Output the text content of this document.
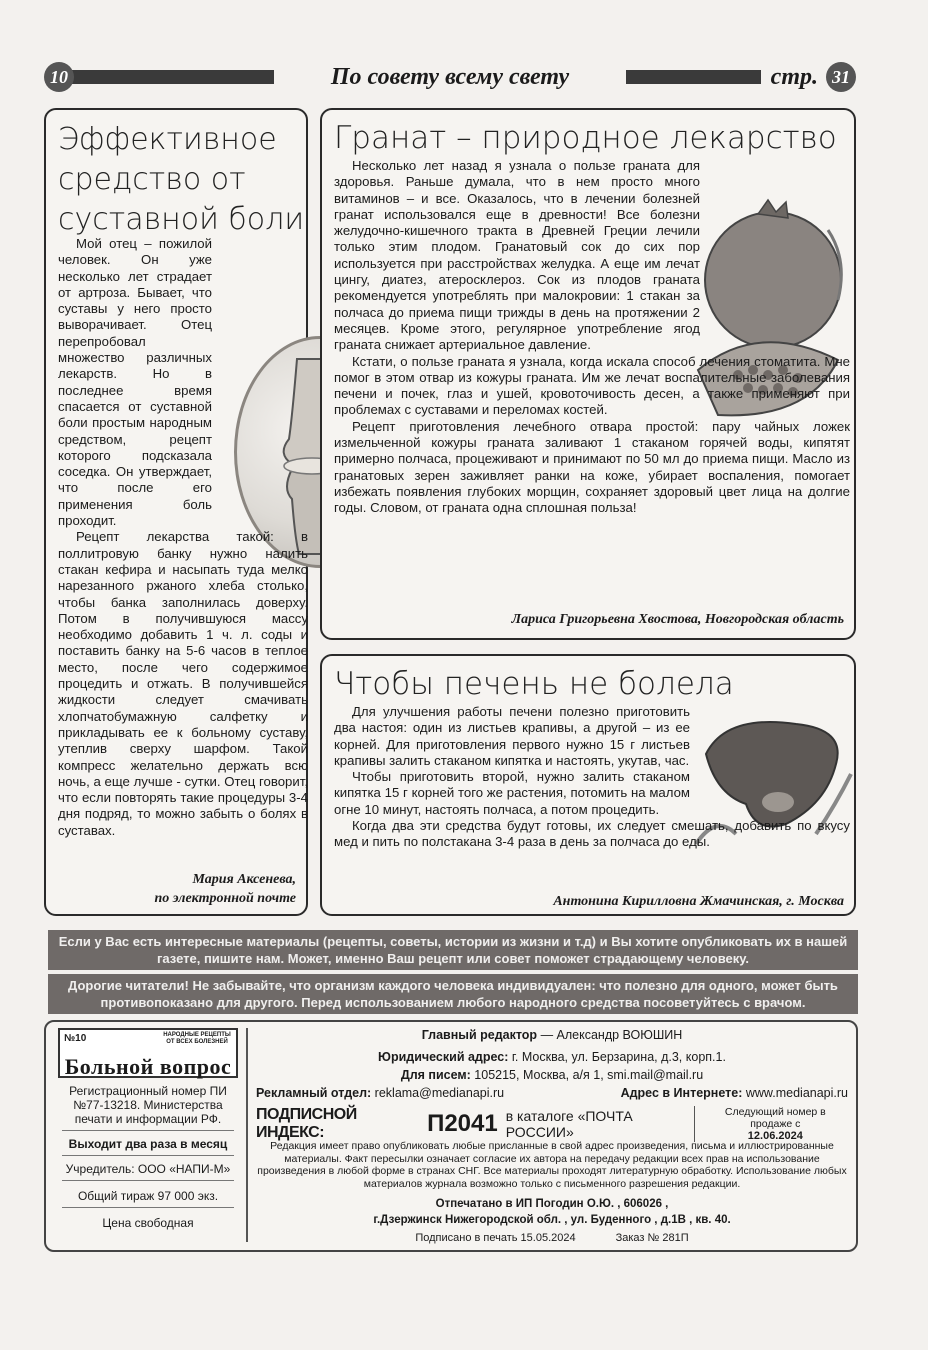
10	По совету всему свету	стр. 31
Эффективное средство от суставной боли

Мой отец – пожилой человек. Он уже несколько лет страдает от артроза. Бывает, что суставы у него просто выворачивает. Отец перепробовал множество различных лекарств. Но в последнее время спасается от суставной боли простым народным средством, рецепт которого подсказала соседка. Он утверждает, что после его применения боль проходит.

Рецепт лекарства такой: в поллитровую банку нужно налить стакан кефира и насыпать туда мелко нарезанного ржаного хлеба столько, чтобы банка заполнилась доверху. Потом в получившуюся массу необходимо добавить 1 ч. л. соды и поставить банку на 5-6 часов в теплое место, после чего содержимое процедить и отжать. В получившейся жидкости следует смачивать хлопчатобумажную салфетку и прикладывать ее к больному суставу, утеплив сверху шарфом. Такой компресс желательно держать всю ночь, а еще лучше - сутки. Отец говорит, что если повторять такие процедуры 3-4 дня подряд, то можно забыть о болях в суставах.

Мария Аксенева,
по электронной почте
Гранат – природное лекарство

Несколько лет назад я узнала о пользе граната для здоровья. Раньше думала, что в нем просто много витаминов – и все. Оказалось, что в лечении болезней гранат использовался еще в древности! Все болезни желудочно-кишечного тракта в Древней Греции лечили только этим плодом. Гранатовый сок до сих пор используется при расстройствах желудка. А еще им лечат цингу, диатез, атеросклероз. Сок из плодов граната рекомендуется употреблять при малокровии: 1 стакан за полчаса до приема пищи трижды в день на протяжении 2 месяцев. Кроме этого, регулярное употребление ягод граната снижает артериальное давление.

Кстати, о пользе граната я узнала, когда искала способ лечения стоматита. Мне помог в этом отвар из кожуры граната. Им же лечат воспалительные заболевания печени и почек, глаз и ушей, кровоточивость десен, а также применяют при проблемах с суставами и переломах костей.

Рецепт приготовления лечебного отвара простой: пару чайных ложек измельченной кожуры граната заливают 1 стаканом горячей воды, кипятят примерно полчаса, процеживают и принимают по 50 мл до приема пищи. Масло из гранатовых зерен заживляет ранки на коже, убирает воспаления, помогает избежать появления глубоких морщин, сохраняет здоровый цвет лица на долгие годы. Словом, от граната одна сплошная польза!

Лариса Григорьевна Хвостова, Новгородская область
Чтобы печень не болела

Для улучшения работы печени полезно приготовить два настоя: один из листьев крапивы, а другой – из ее корней. Для приготовления первого нужно 15 г листьев крапивы залить стаканом кипятка и настоять, укутав, час.

Чтобы приготовить второй, нужно залить стаканом кипятка 15 г корней того же растения, потомить на малом огне 10 минут, настоять полчаса, а потом процедить.

Когда два эти средства будут готовы, их следует смешать, добавить по вкусу мед и пить по полстакана 3-4 раза в день за полчаса до еды.

Антонина Кирилловна Жмачинская, г. Москва
Если у Вас есть интересные материалы (рецепты, советы, истории из жизни и т.д) и Вы хотите опубликовать их в нашей газете, пишите нам. Может, именно Ваш рецепт или совет поможет страдающему человеку.
Дорогие читатели! Не забывайте, что организм каждого человека индивидуален: что полезно для одного, может быть противопоказано для другого. Перед использованием любого народного средства посоветуйтесь с врачом.
№10	НАРОДНЫЕ РЕЦЕПТЫ ОТ ВСЕХ БОЛЕЗНЕЙ
Больной вопрос
Регистрационный номер ПИ №77-13218. Министерства печати и информации РФ.
Выходит два раза в месяц
Учредитель: ООО «НАПИ-М»
Общий тираж 97 000 экз.
Цена свободная
Главный редактор — Александр ВОЮШИН
Юридический адрес: г. Москва, ул. Берзарина, д.3, корп.1.
Для писем: 105215, Москва, а/я 1, smi.mail@mail.ru
Рекламный отдел: reklama@medianapi.ru	Адрес в Интернете: www.medianapi.ru
ПОДПИСНОЙ ИНДЕКС:	П2041 в каталоге «ПОЧТА РОССИИ»
Следующий номер в продаже с
12.06.2024
Редакция имеет право опубликовать любые присланные в свой адрес произведения, письма и иллюстрированные материалы. Факт пересылки означает согласие их автора на передачу редакции всех прав на использование произведения в любой форме в странах СНГ. Все материалы проходят литературную обработку. Использование любых материалов журнала возможно только с письменного разрешения редакции.
Отпечатано в ИП Погодин О.Ю. , 606026 ,
г.Дзержинск Нижегородской обл. , ул. Буденного , д.1В , кв. 40.
Подписано в печать 15.05.2024	Заказ № 281П
